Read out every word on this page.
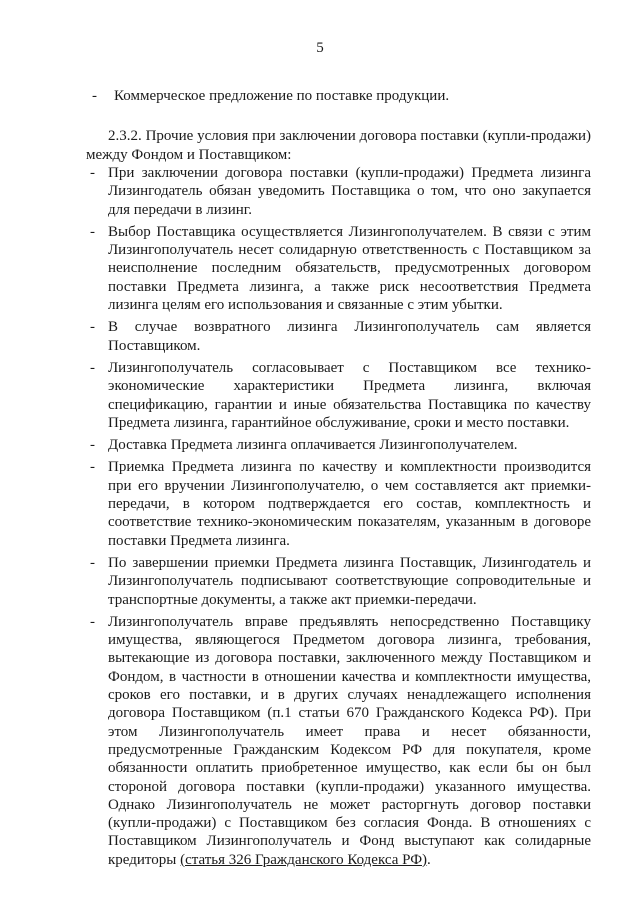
5
- Коммерческое предложение по поставке продукции.
2.3.2. Прочие условия при заключении договора поставки (купли-продажи) между Фондом и Поставщиком:
- При заключении договора поставки (купли-продажи) Предмета лизинга Лизингодатель обязан уведомить Поставщика о том, что оно закупается для передачи в лизинг.
- Выбор Поставщика осуществляется Лизингополучателем. В связи с этим Лизингополучатель несет солидарную ответственность с Поставщиком за неисполнение последним обязательств, предусмотренных договором поставки Предмета лизинга, а также риск несоответствия Предмета лизинга целям его использования и связанные с этим убытки.
- В случае возвратного лизинга Лизингополучатель сам является Поставщиком.
- Лизингополучатель согласовывает с Поставщиком все технико-экономические характеристики Предмета лизинга, включая спецификацию, гарантии и иные обязательства Поставщика по качеству Предмета лизинга, гарантийное обслуживание, сроки и место поставки.
- Доставка Предмета лизинга оплачивается Лизингополучателем.
- Приемка Предмета лизинга по качеству и комплектности производится при его вручении Лизингополучателю, о чем составляется акт приемки-передачи, в котором подтверждается его состав, комплектность и соответствие технико-экономическим показателям, указанным в договоре поставки Предмета лизинга.
- По завершении приемки Предмета лизинга Поставщик, Лизингодатель и Лизингополучатель подписывают соответствующие сопроводительные и транспортные документы, а также акт приемки-передачи.
- Лизингополучатель вправе предъявлять непосредственно Поставщику имущества, являющегося Предметом договора лизинга, требования, вытекающие из договора поставки, заключенного между Поставщиком и Фондом, в частности в отношении качества и комплектности имущества, сроков его поставки, и в других случаях ненадлежащего исполнения договора Поставщиком (п.1 статьи 670 Гражданского Кодекса РФ). При этом Лизингополучатель имеет права и несет обязанности, предусмотренные Гражданским Кодексом РФ для покупателя, кроме обязанности оплатить приобретенное имущество, как если бы он был стороной договора поставки (купли-продажи) указанного имущества. Однако Лизингополучатель не может расторгнуть договор поставки (купли-продажи) с Поставщиком без согласия Фонда. В отношениях с Поставщиком Лизингополучатель и Фонд выступают как солидарные кредиторы (статья 326 Гражданского Кодекса РФ).
